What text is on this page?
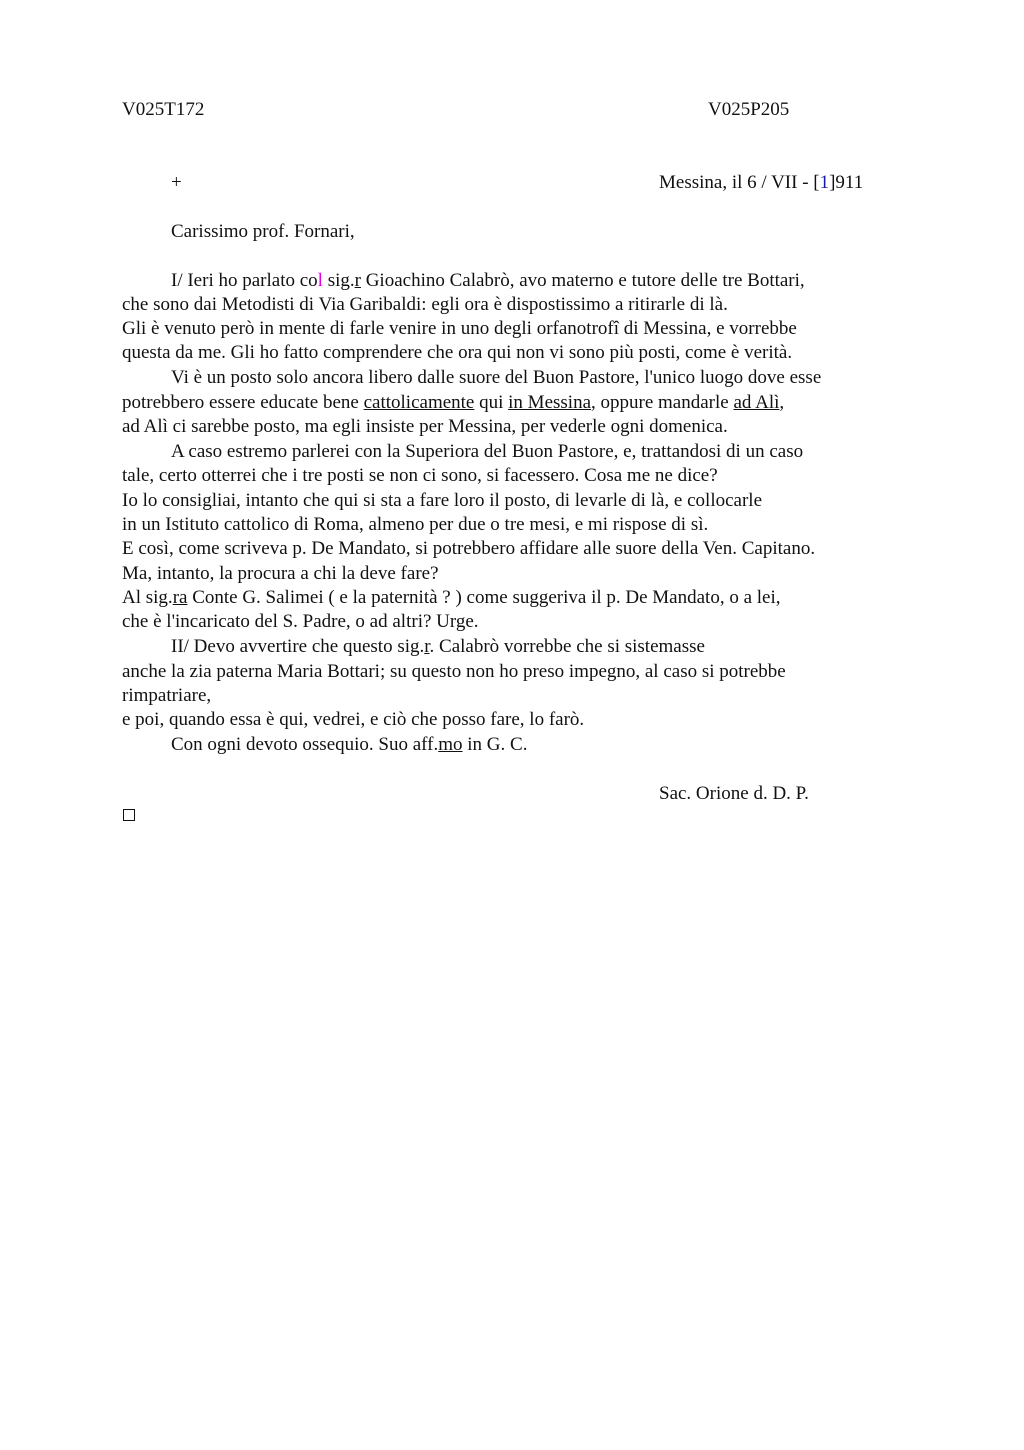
V025T172	V025P205
+	Messina, il 6 / VII - [1]911
Carissimo prof. Fornari,
I/ Ieri ho parlato col sig.r Gioachino Calabrò, avo materno e tutore delle tre Bottari,
che sono dai Metodisti di Via Garibaldi: egli ora è dispostissimo a ritirarle di là.
Gli è venuto però in mente di farle venire in uno degli orfanotrofî di Messina, e vorrebbe
questa da me. Gli ho fatto comprendere che ora qui non vi sono più posti, come è verità.
Vi è un posto solo ancora libero dalle suore del Buon Pastore, l'unico luogo dove esse
potrebbero essere educate bene cattolicamente qui in Messina, oppure mandarle ad Alì,
ad Alì ci sarebbe posto, ma egli insiste per Messina, per vederle ogni domenica.
A caso estremo parlerei con la Superiora del Buon Pastore, e, trattandosi di un caso
tale, certo otterrei che i tre posti se non ci sono, si facessero. Cosa me ne dice?
Io lo consigliai, intanto che qui si sta a fare loro il posto, di levarle di là, e collocarle
in un Istituto cattolico di Roma, almeno per due o tre mesi, e mi rispose di sì.
E così, come scriveva p. De Mandato, si potrebbero affidare alle suore della Ven. Capitano.
Ma, intanto, la procura a chi la deve fare?
Al sig.ra Conte G. Salimei ( e la paternità ? ) come suggeriva il p. De Mandato, o a lei,
che è l'incaricato del S. Padre, o ad altri? Urge.
II/ Devo avvertire che questo sig.r. Calabrò vorrebbe che si sistemasse
anche la zia paterna Maria Bottari; su questo non ho preso impegno, al caso si potrebbe
rimpatriare,
e poi, quando essa è qui, vedrei, e ciò che posso fare, lo farò.
Con ogni devoto ossequio. Suo aff.mo in G. C.
Sac. Orione d. D. P.
